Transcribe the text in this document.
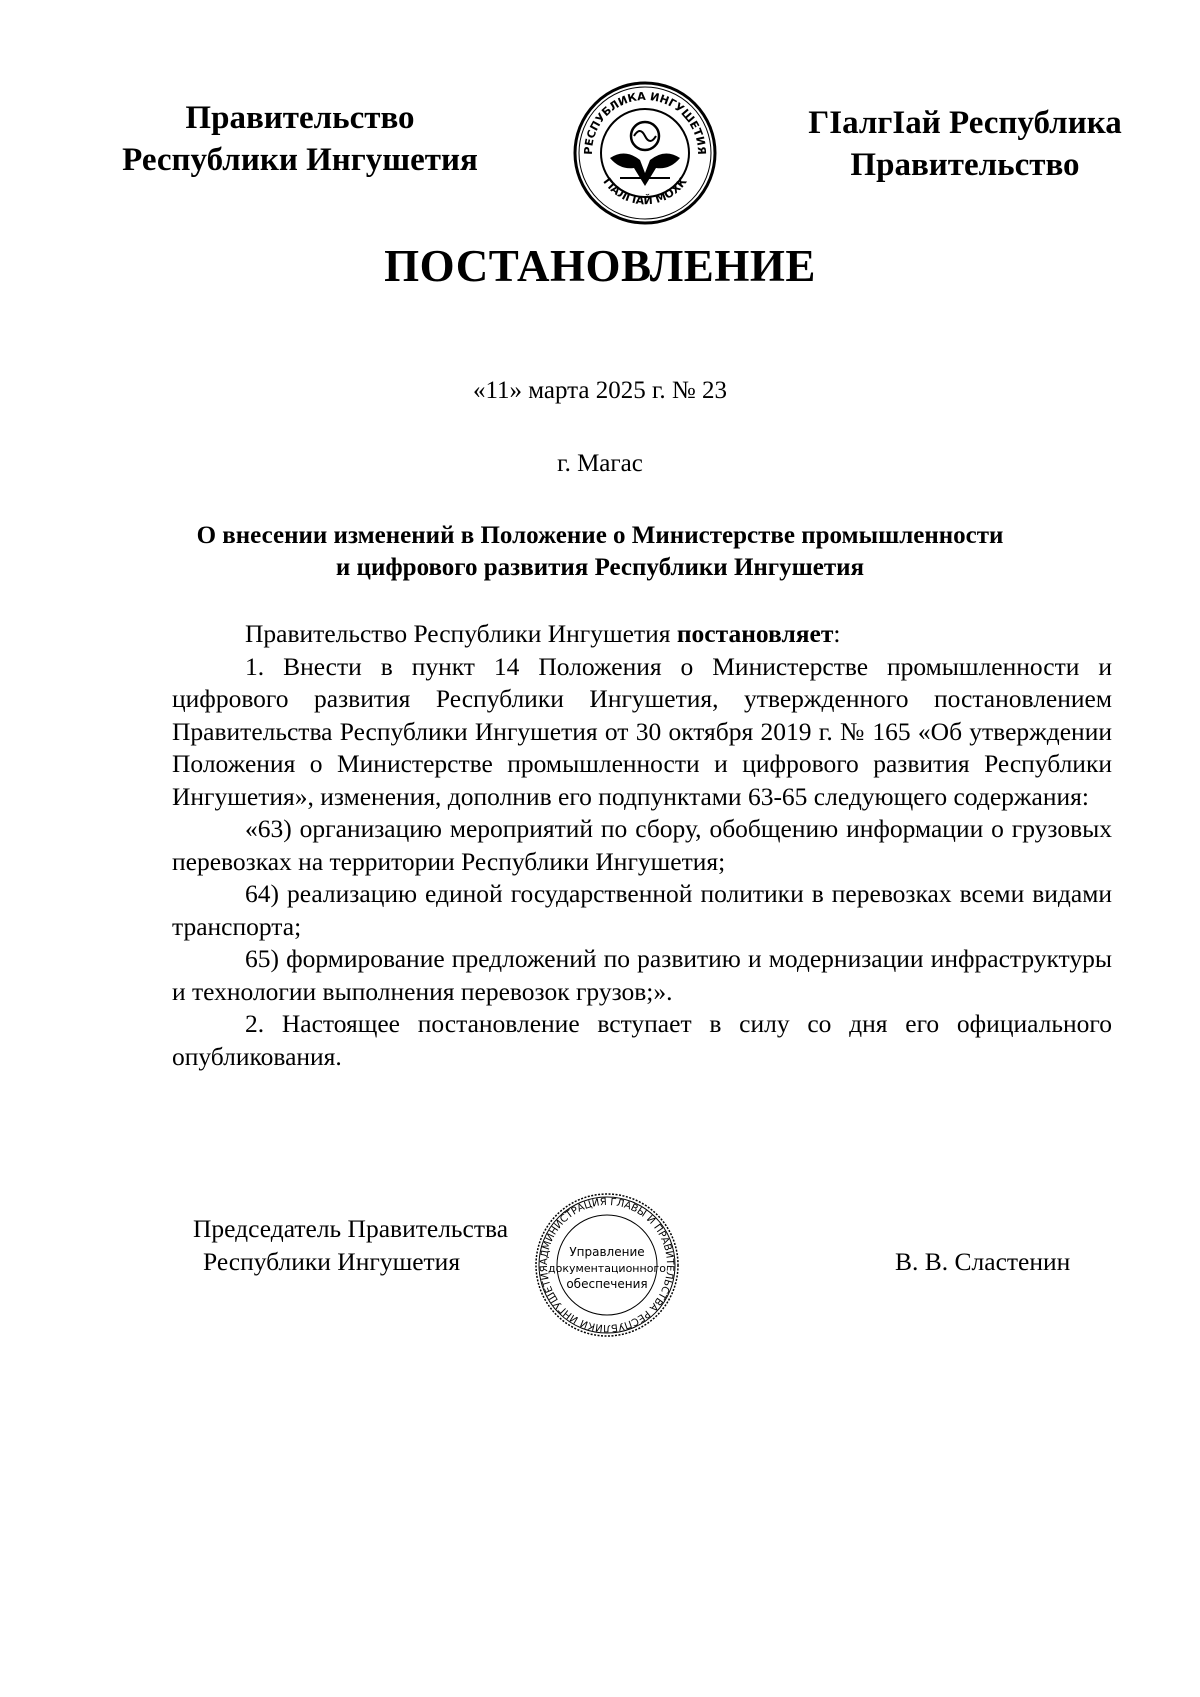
Правительство
Республики Ингушетия	РЕСПУБЛИКА ИНГУШЕТИЯ
ГIАЛГIАЙ МОХК
ГIалгIай Республика
Правительство
ПОСТАНОВЛЕНИЕ
«11» марта 2025 г. № 23
г. Магас
О внесении изменений в Положение о Министерстве промышленности
и цифрового развития Республики Ингушетия

Правительство Республики Ингушетия постановляет:

1. Внести в пункт 14 Положения о Министерстве промышленности и цифрового развития Республики Ингушетия, утвержденного постановлением Правительства Республики Ингушетия от 30 октября 2019 г. № 165 «Об утверждении Положения о Министерстве промышленности и цифрового развития Республики Ингушетия», изменения, дополнив его подпунктами 63-65 следующего содержания:

«63) организацию мероприятий по сбору, обобщению информации о грузовых перевозках на территории Республики Ингушетия;

64) реализацию единой государственной политики в перевозках всеми видами транспорта;

65) формирование предложений по развитию и модернизации инфраструктуры и технологии выполнения перевозок грузов;».

2. Настоящее постановление вступает в силу со дня его официального опубликования.

Председатель Правительства
Республики Ингушетия	АДМИНИСТРАЦИЯ ГЛАВЫ И ПРАВИТЕЛЬСТВА РЕСПУБЛИКИ ИНГУШЕТИЯ
Управление
документационного
обеспечения
В. В. Сластенин
